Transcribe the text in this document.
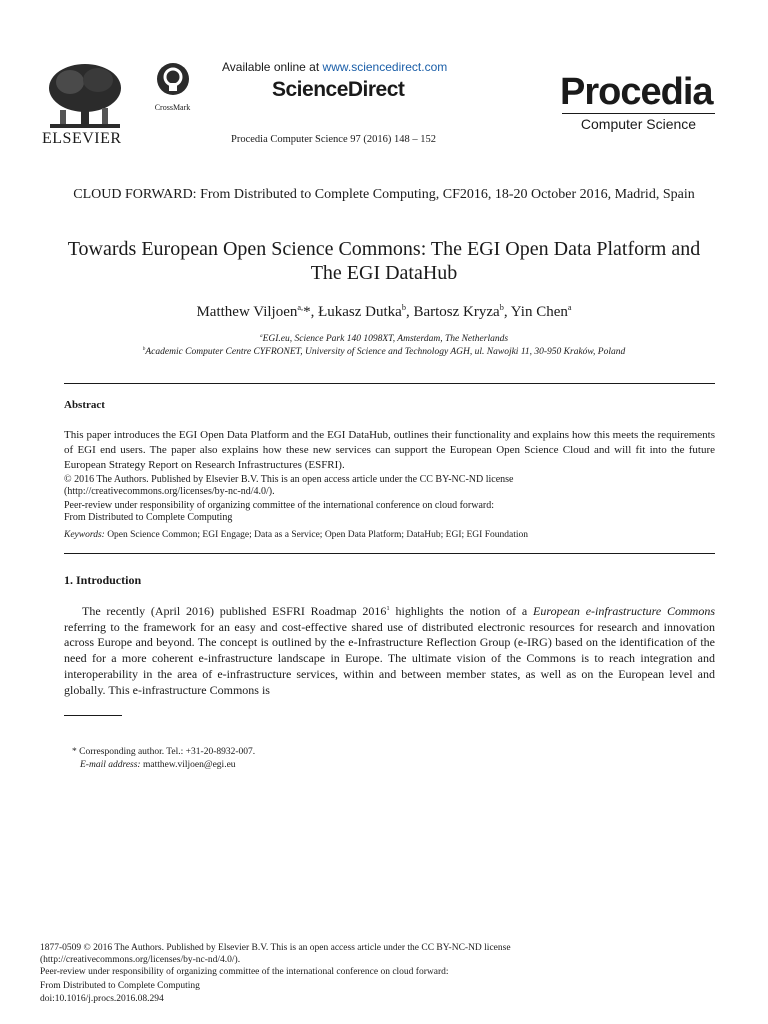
ELSEVIER
CrossMark
Available online at www.sciencedirect.com
ScienceDirect
Procedia Computer Science 97 (2016) 148 – 152
Procedia
Computer Science
CLOUD FORWARD: From Distributed to Complete Computing, CF2016, 18-20 October 2016, Madrid, Spain
Towards European Open Science Commons: The EGI Open Data Platform and The EGI DataHub
Matthew Viljoen$^{a,}$*, Łukasz Dutka$^b$, Bartosz Kryza$^b$, Yin Chen$^a$
$^a$EGI.eu, Science Park 140 1098XT, Amsterdam, The Netherlands
$^b$Academic Computer Centre CYFRONET, University of Science and Technology AGH, ul. Nawojki 11, 30-950 Kraków, Poland
Abstract
This paper introduces the EGI Open Data Platform and the EGI DataHub, outlines their functionality and explains how this meets the requirements of EGI end users. The paper also explains how these new services can support the European Open Science Cloud and will fit into the future European Strategy Report on Research Infrastructures (ESFRI).
© 2016 The Authors. Published by Elsevier B.V. This is an open access article under the CC BY-NC-ND license
(http://creativecommons.org/licenses/by-nc-nd/4.0/).
Peer-review under responsibility of organizing committee of the international conference on cloud forward:
From Distributed to Complete Computing
Keywords: Open Science Common; EGI Engage; Data as a Service; Open Data Platform; DataHub; EGI; EGI Foundation
1. Introduction
The recently (April 2016) published ESFRI Roadmap 2016$^1$ highlights the notion of a European e-infrastructure Commons referring to the framework for an easy and cost-effective shared use of distributed electronic resources for research and innovation across Europe and beyond. The concept is outlined by the e-Infrastructure Reflection Group (e-IRG) based on the identification of the need for a more coherent e-infrastructure landscape in Europe. The ultimate vision of the Commons is to reach integration and interoperability in the area of e-infrastructure services, within and between member states, as well as on the European level and globally. This e-infrastructure Commons is
* Corresponding author. Tel.: +31-20-8932-007.
E-mail address: matthew.viljoen@egi.eu
1877-0509 © 2016 The Authors. Published by Elsevier B.V. This is an open access article under the CC BY-NC-ND license
(http://creativecommons.org/licenses/by-nc-nd/4.0/).
Peer-review under responsibility of organizing committee of the international conference on cloud forward:
From Distributed to Complete Computing
doi:10.1016/j.procs.2016.08.294
